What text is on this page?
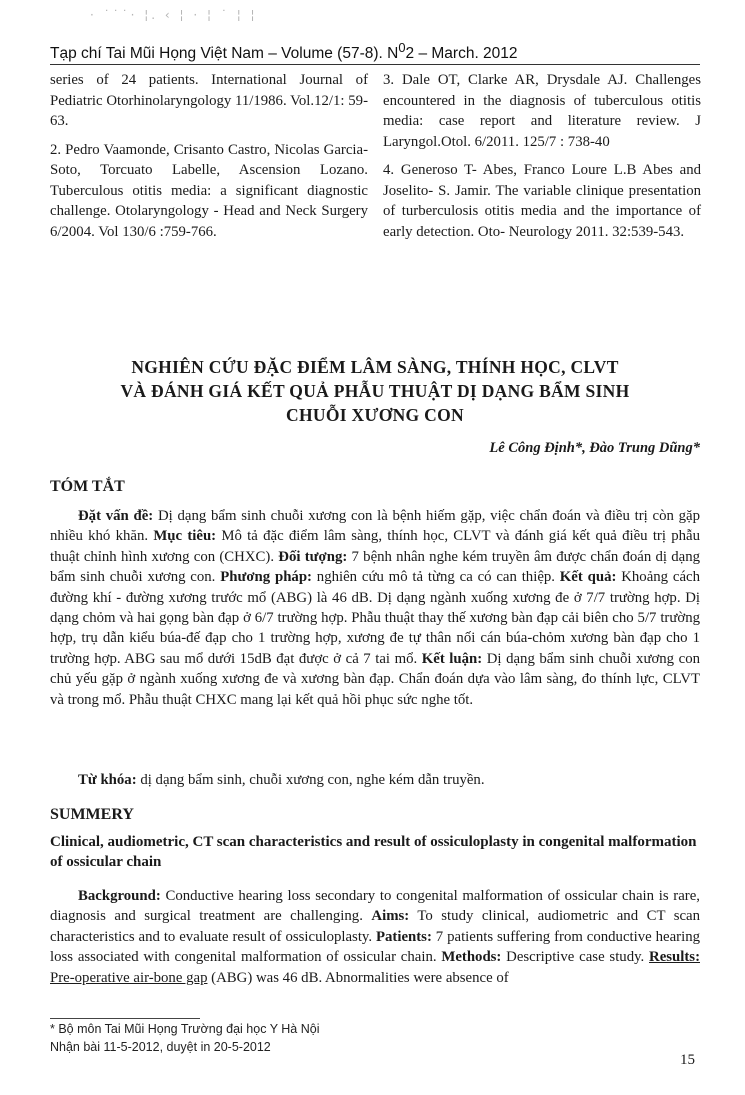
· ˙˙˙· ¦. ‹ ¦ · ¦ ˙ ¦ ¦
Tạp chí Tai Mũi Họng Việt Nam – Volume (57-8). $N^02$ – March. 2012

series of 24 patients. International Journal of Pediatric Otorhinolaryngology 11/1986. Vol.12/1: 59-63.

2. Pedro Vaamonde, Crisanto Castro, Nicolas Garcia-Soto, Torcuato Labelle, Ascension Lozano. Tuberculous otitis media: a significant diagnostic challenge. Otolaryngology - Head and Neck Surgery 6/2004. Vol 130/6 :759-766.

3. Dale OT, Clarke AR, Drysdale AJ. Challenges encountered in the diagnosis of tuberculous otitis media: case report and literature review. J Laryngol.Otol. 6/2011. 125/7 : 738-40

4. Generoso T- Abes, Franco Loure L.B Abes and Joselito- S. Jamir. The variable clinique presentation of turberculosis otitis media and the importance of early detection. Oto- Neurology 2011. 32:539-543.

NGHIÊN CỨU ĐẶC ĐIỂM LÂM SÀNG, THÍNH HỌC, CLVT
VÀ ĐÁNH GIÁ KẾT QUẢ PHẪU THUẬT DỊ DẠNG BẨM SINH
CHUỖI XƯƠNG CON
Lê Công Định*, Đào Trung Dũng*
TÓM TẮT

Đặt vấn đề: Dị dạng bẩm sinh chuỗi xương con là bệnh hiếm gặp, việc chẩn đoán và điều trị còn gặp nhiều khó khăn. Mục tiêu: Mô tả đặc điểm lâm sàng, thính học, CLVT và đánh giá kết quả điều trị phẫu thuật chỉnh hình xương con (CHXC). Đối tượng: 7 bệnh nhân nghe kém truyền âm được chẩn đoán dị dạng bẩm sinh chuỗi xương con. Phương pháp: nghiên cứu mô tả từng ca có can thiệp. Kết quả: Khoảng cách đường khí - đường xương trước mổ (ABG) là 46 dB. Dị dạng ngành xuống xương đe ở 7/7 trường hợp. Dị dạng chỏm và hai gọng bàn đạp ở 6/7 trường hợp. Phẫu thuật thay thế xương bàn đạp cải biên cho 5/7 trường hợp, trụ dẫn kiểu búa-đế đạp cho 1 trường hợp, xương đe tự thân nối cán búa-chỏm xương bàn đạp cho 1 trường hợp. ABG sau mổ dưới 15dB đạt được ở cả 7 tai mổ. Kết luận: Dị dạng bẩm sinh chuỗi xương con chủ yếu gặp ở ngành xuống xương đe và xương bàn đạp. Chẩn đoán dựa vào lâm sàng, đo thính lực, CLVT và trong mổ. Phẫu thuật CHXC mang lại kết quả hồi phục sức nghe tốt.

Từ khóa: dị dạng bẩm sinh, chuỗi xương con, nghe kém dẫn truyền.

SUMMERY
Clinical, audiometric, CT scan characteristics and result of ossiculoplasty in congenital malformation of ossicular chain

Background: Conductive hearing loss secondary to congenital malformation of ossicular chain is rare, diagnosis and surgical treatment are challenging. Aims: To study clinical, audiometric and CT scan characteristics and to evaluate result of ossiculoplasty. Patients: 7 patients suffering from conductive hearing loss associated with congenital malformation of ossicular chain. Methods: Descriptive case study. Results: Pre-operative air-bone gap (ABG) was 46 dB. Abnormalities were absence of

* Bộ môn Tai Mũi Họng Trường đại học Y Hà Nội
Nhận bài 11-5-2012, duyệt in 20-5-2012
15
